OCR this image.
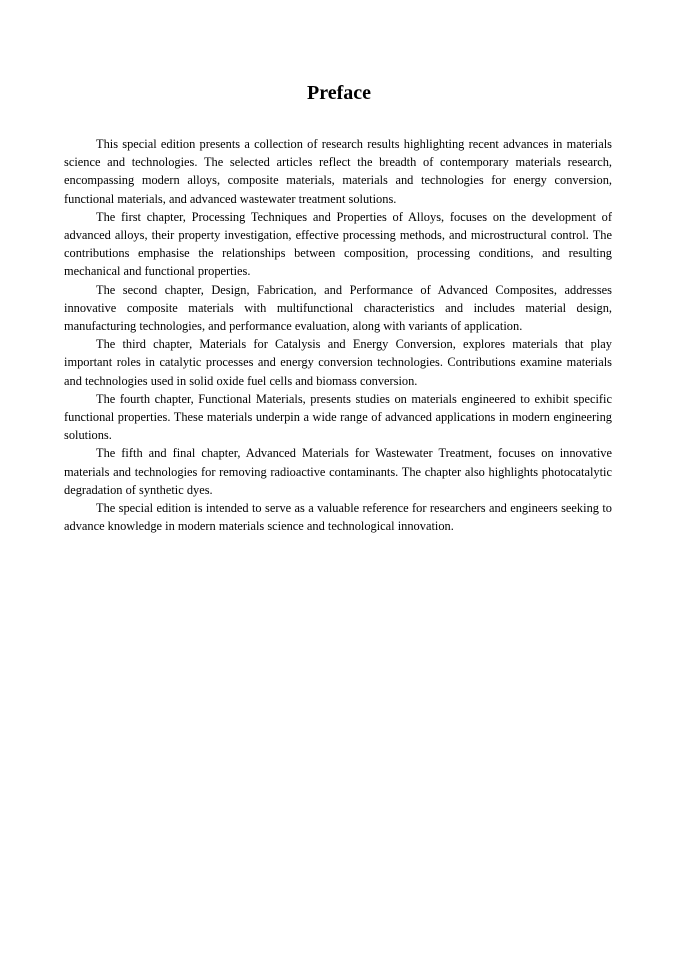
Preface

This special edition presents a collection of research results highlighting recent advances in materials science and technologies. The selected articles reflect the breadth of contemporary materials research, encompassing modern alloys, composite materials, materials and technologies for energy conversion, functional materials, and advanced wastewater treatment solutions.

The first chapter, Processing Techniques and Properties of Alloys, focuses on the development of advanced alloys, their property investigation, effective processing methods, and microstructural control. The contributions emphasise the relationships between composition, processing conditions, and resulting mechanical and functional properties.

The second chapter, Design, Fabrication, and Performance of Advanced Composites, addresses innovative composite materials with multifunctional characteristics and includes material design, manufacturing technologies, and performance evaluation, along with variants of application.

The third chapter, Materials for Catalysis and Energy Conversion, explores materials that play important roles in catalytic processes and energy conversion technologies. Contributions examine materials and technologies used in solid oxide fuel cells and biomass conversion.

The fourth chapter, Functional Materials, presents studies on materials engineered to exhibit specific functional properties. These materials underpin a wide range of advanced applications in modern engineering solutions.

The fifth and final chapter, Advanced Materials for Wastewater Treatment, focuses on innovative materials and technologies for removing radioactive contaminants. The chapter also highlights photocatalytic degradation of synthetic dyes.

The special edition is intended to serve as a valuable reference for researchers and engineers seeking to advance knowledge in modern materials science and technological innovation.
